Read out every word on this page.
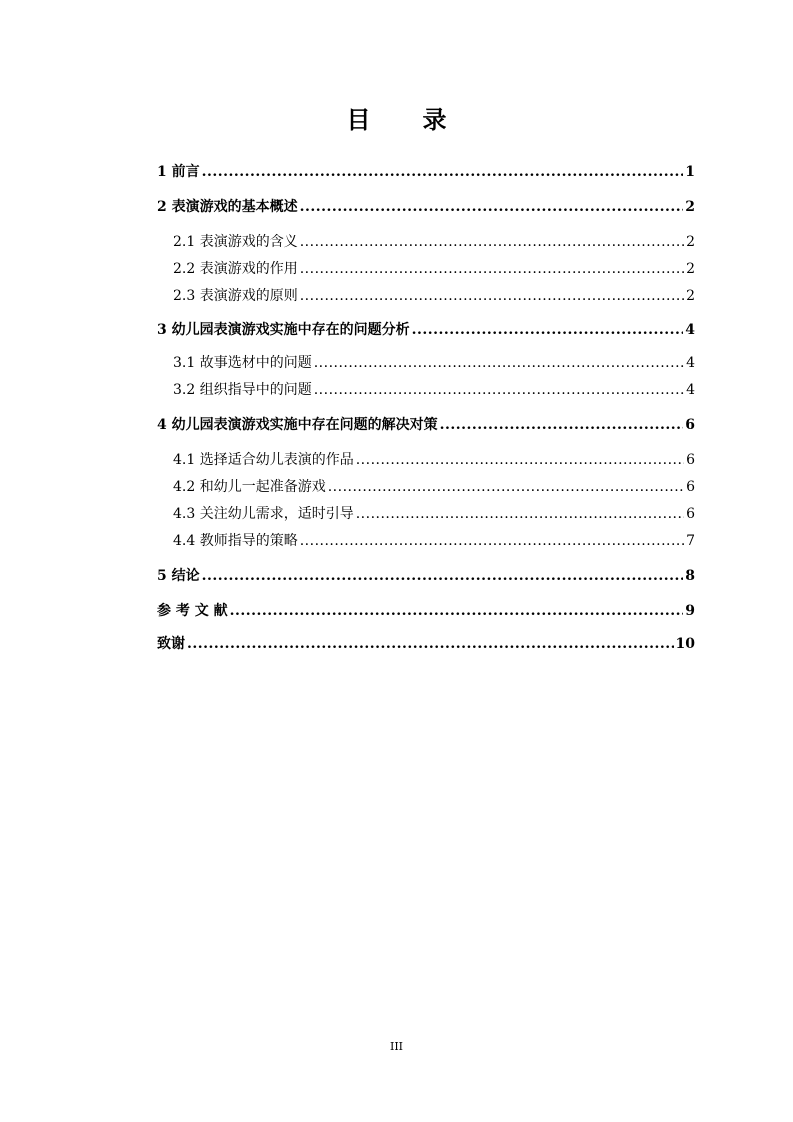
目 录
1 前言 .....	1
2 表演游戏的基本概述 .....	2
2.1 表演游戏的含义 .....	2
2.2 表演游戏的作用 .....	2
2.3 表演游戏的原则 .....	2
3 幼儿园表演游戏实施中存在的问题分析 .....	4
3.1 故事选材中的问题 .....	4
3.2 组织指导中的问题 .....	4
4 幼儿园表演游戏实施中存在问题的解决对策 .....	6
4.1 选择适合幼儿表演的作品 .....	6
4.2 和幼儿一起准备游戏 .....	6
4.3 关注幼儿需求，适时引导 .....	6
4.4 教师指导的策略 .....	7
5 结论 .....	8
参 考 文 献 .....	9
致谢 .....	10
III
